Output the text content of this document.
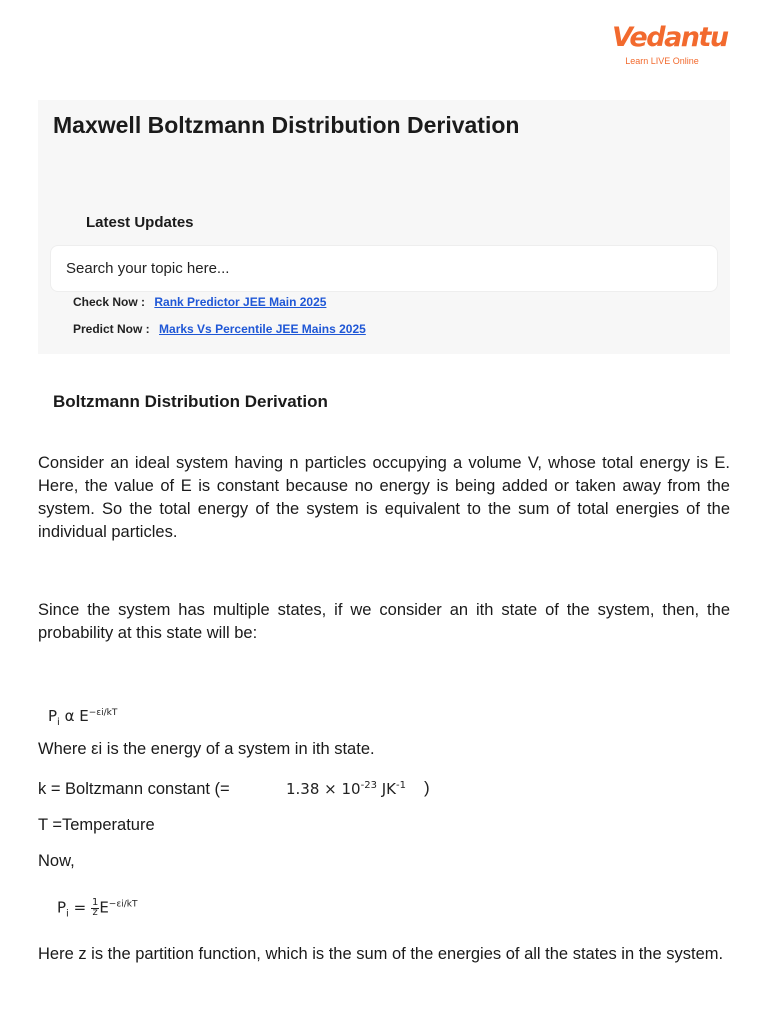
Vedantu
Learn LIVE Online
Maxwell Boltzmann Distribution Derivation
Latest Updates
Search your topic here...
Check Now : Rank Predictor JEE Main 2025
Predict Now : Marks Vs Percentile JEE Mains 2025
Boltzmann Distribution Derivation

Consider an ideal system having n particles occupying a volume V, whose total energy is E. Here, the value of E is constant because no energy is being added or taken away from the system. So the total energy of the system is equivalent to the sum of total energies of the individual particles.

Since the system has multiple states, if we consider an ith state of the system, then, the probability at this state will be:

$P_i$ α $E^{-\varepsilon i/kT}$
Where εi is the energy of a system in ith state.
k = Boltzmann constant (=	$1.38 \times 10^{-23}$ $JK^{-1}$ )
T =Temperature
Now,
$P_i = 1$
z $E^{-\varepsilon i/kT}$

Here z is the partition function, which is the sum of the energies of all the states in the system.
